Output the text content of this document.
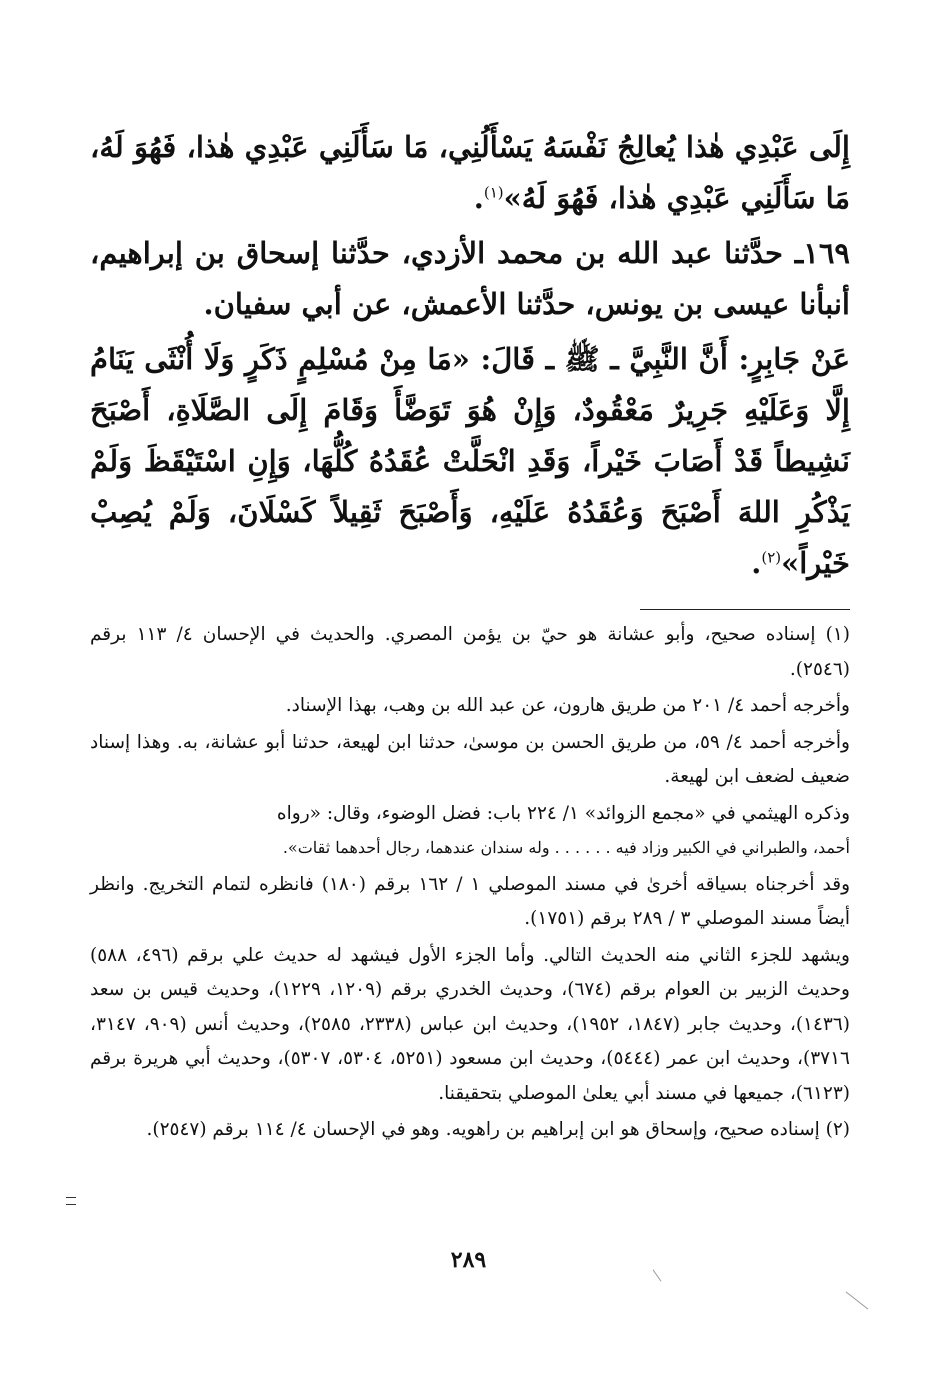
إِلَى عَبْدِي هٰذا يُعالِجُ نَفْسَهُ يَسْأَلُنِي، مَا سَأَلَنِي عَبْدِي هٰذا، فَهُوَ لَهُ، مَا سَأَلَنِي عَبْدِي هٰذا، فَهُوَ لَهُ»$^{(١)}$.

١٦٩ـ حدَّثنا عبد الله بن محمد الأزدي، حدَّثنا إسحاق بن إبراهيم، أنبأنا عيسى بن يونس، حدَّثنا الأعمش، عن أبي سفيان.

عَنْ جَابِرٍ: أَنَّ النَّبِيَّ ـ ﷺ ـ قَالَ: «مَا مِنْ مُسْلِمٍ ذَكَرٍ وَلَا أُنْثَى يَنَامُ إِلَّا وَعَلَيْهِ جَرِيرٌ مَعْقُودٌ، وَإِنْ هُوَ تَوَضَّأَ وَقَامَ إِلَى الصَّلَاةِ، أَصْبَحَ نَشِيطاً قَدْ أَصَابَ خَيْراً، وَقَدِ انْحَلَّتْ عُقَدُهُ كُلُّهَا، وَإِنِ اسْتَيْقَظَ وَلَمْ يَذْكُرِ اللهَ أَصْبَحَ وَعُقَدُهُ عَلَيْهِ، وَأَصْبَحَ ثَقِيلاً كَسْلَانَ، وَلَمْ يُصِبْ خَيْراً»$^{(٢)}$.

(١) إسناده صحيح، وأبو عشانة هو حيّ بن يؤمن المصري. والحديث في الإحسان ٤/ ١١٣ برقم (٢٥٤٦).

وأخرجه أحمد ٤/ ٢٠١ من طريق هارون، عن عبد الله بن وهب، بهذا الإسناد.

وأخرجه أحمد ٤/ ٥٩، من طريق الحسن بن موسىٰ، حدثنا ابن لهيعة، حدثنا أبو عشانة، به. وهذا إسناد ضعيف لضعف ابن لهيعة.

وذكره الهيثمي في «مجمع الزوائد» ١/ ٢٢٤ باب: فضل الوضوء، وقال: «رواه
أحمد، والطبراني في الكبير وزاد فيه . . . . . . وله سندان عندهما، رجال أحدهما ثقات».

وقد أخرجناه بسياقه أخرىٰ في مسند الموصلي ١ / ١٦٢ برقم (١٨٠) فانظره لتمام التخريج. وانظر أيضاً مسند الموصلي ٣ / ٢٨٩ برقم (١٧٥١).

ويشهد للجزء الثاني منه الحديث التالي. وأما الجزء الأول فيشهد له حديث علي برقم (٤٩٦، ٥٨٨) وحديث الزبير بن العوام برقم (٦٧٤)، وحديث الخدري برقم (١٢٠٩، ١٢٢٩)، وحديث قيس بن سعد (١٤٣٦)، وحديث جابر (١٨٤٧، ١٩٥٢)، وحديث ابن عباس (٢٣٣٨، ٢٥٨٥)، وحديث أنس (٩٠٩، ٣١٤٧، ٣٧١٦)، وحديث ابن عمر (٥٤٤٤)، وحديث ابن مسعود (٥٢٥١، ٥٣٠٤، ٥٣٠٧)، وحديث أبي هريرة برقم (٦١٢٣)، جميعها في مسند أبي يعلىٰ الموصلي بتحقيقنا.

(٢) إسناده صحيح، وإسحاق هو ابن إبراهيم بن راهويه. وهو في الإحسان ٤/ ١١٤ برقم (٢٥٤٧).

٢٨٩
